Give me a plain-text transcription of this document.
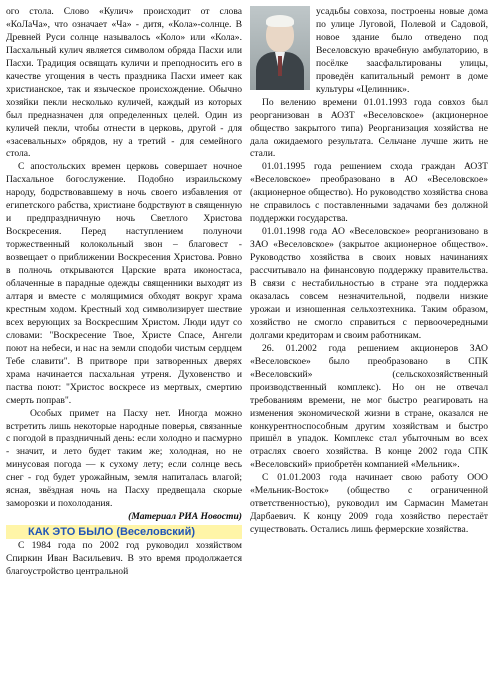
ого стола. Слово «Кулич» происходит от слова «КоЛаЧа», что означает «Ча» - дитя, «Кола»-солнце. В Древней Руси солнце называлось «Коло» или «Кола». Пасхальный кулич является символом обряда Пасхи или Пасхи. Традиция освящать куличи и преподносить его в качестве угощения в честь праздника Пасхи имеет как христианское, так и языческое происхождение. Обычно хозяйки пекли несколько куличей, каждый из которых был предназначен для определенных целей. Один из куличей пекли, чтобы отнести в церковь, другой - для «засевальных» обрядов, ну а третий - для семейного стола.

С апостольских времен церковь совершает ночное Пасхальное богослужение. Подобно израильскому народу, бодрствовавшему в ночь своего избавления от египетского рабства, христиане бодрствуют в священную и предпраздничную ночь Светлого Христова Воскресения. Перед наступлением полуночи торжественный колокольный звон – благовест - возвещает о приближении Воскресения Христова. Ровно в полночь открываются Царские врата иконостаса, облаченные в парадные одежды священники выходят из алтаря и вместе с молящимися обходят вокруг храма крестным ходом. Крестный ход символизирует шествие всех верующих за Воскресшим Христом. Люди идут со словами: "Воскресение Твое, Христе Спасе, Ангели поют на небеси, и нас на земли сподоби чистым сердцем Тебе славити". В притворе при затворенных дверях храма начинается пасхальная утреня. Духовенство и паства поют: "Христос воскресе из мертвых, смертию смерть поправ".

Особых примет на Пасху нет. Иногда можно встретить лишь некоторые народные поверья, связанные с погодой в праздничный день: если холодно и пасмурно - значит, и лето будет таким же; холодная, но не минусовая погода — к сухому лету; если солнце весь снег - год будет урожайным, земля напиталась влагой; ясная, звёздная ночь на Пасху предвещала скорые заморозки и похолодания.

(Материал РИА Новости)

КАК ЭТО БЫЛО (Веселовский)

С 1984 года по 2002 год руководил хозяйством Спиркин Иван Васильевич. В это время продолжается благоустройство центральной

усадьбы совхоза, построены новые дома по улице Луговой, Полевой и Садовой, новое здание было отведено под Веселовскую врачебную амбулаторию, в посёлке заасфальтированы улицы, проведён капитальный ремонт в доме культуры «Целинник».

По велению времени 01.01.1993 года совхоз был реорганизован в АОЗТ «Веселовское» (акционерное общество закрытого типа) Реорганизация хозяйства не дала ожидаемого результата. Сельчане лучше жить не стали.

01.01.1995 года решением схода граждан АОЗТ «Веселовское» преобразовано в АО «Веселовское» (акционерное общество). Но руководство хозяйства снова не справилось с поставленными задачами без должной поддержки государства.

01.01.1998 года АО «Веселовское» реорганизовано в ЗАО «Веселовское» (закрытое акционерное общество». Руководство хозяйства в своих новых начинаниях рассчитывало на финансовую поддержку правительства. В связи с нестабильностью в стране эта поддержка оказалась совсем незначительной, подвели низкие урожаи и изношенная сельхозтехника. Таким образом, хозяйство не смогло справиться с первоочередными долгами кредиторам и своим работникам.

26. 01.2002 года решением акционеров ЗАО «Веселовское» было преобразовано в СПК «Веселовский» (сельскохозяйственный производственный комплекс). Но он не отвечал требованиям времени, не мог быстро реагировать на изменения экономической жизни в стране, оказался не конкурентноспособным другим хозяйствам и быстро пришёл в упадок. Комплекс стал убыточным во всех отраслях своего хозяйства. В конце 2002 года СПК «Веселовский» приобретён компанией «Мельник».

С 01.01.2003 года начинает свою работу ООО «Мельник-Восток» (общество с ограниченной ответственностью), руководил им Сармасин Маметан Дарбаевич. К концу 2009 года хозяйство перестаёт существовать. Остались лишь фермерские хозяйства.
